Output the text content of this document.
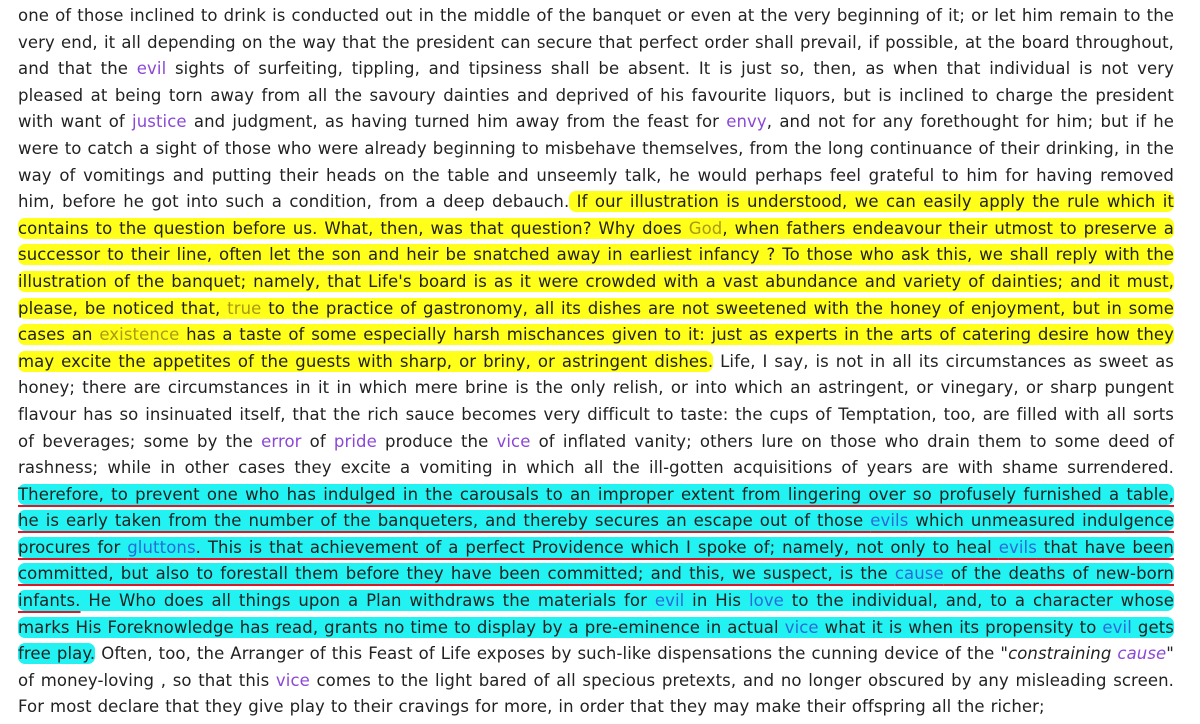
one of those inclined to drink is conducted out in the middle of the banquet or even at the very beginning of it; or let him remain to the very end, it all depending on the way that the president can secure that perfect order shall prevail, if possible, at the board throughout, and that the evil sights of surfeiting, tippling, and tipsiness shall be absent. It is just so, then, as when that individual is not very pleased at being torn away from all the savoury dainties and deprived of his favourite liquors, but is inclined to charge the president with want of justice and judgment, as having turned him away from the feast for envy, and not for any forethought for him; but if he were to catch a sight of those who were already beginning to misbehave themselves, from the long continuance of their drinking, in the way of vomitings and putting their heads on the table and unseemly talk, he would perhaps feel grateful to him for having removed him, before he got into such a condition, from a deep debauch. If our illustration is understood, we can easily apply the rule which it contains to the question before us. What, then, was that question? Why does God, when fathers endeavour their utmost to preserve a successor to their line, often let the son and heir be snatched away in earliest infancy ? To those who ask this, we shall reply with the illustration of the banquet; namely, that Life's board is as it were crowded with a vast abundance and variety of dainties; and it must, please, be noticed that, true to the practice of gastronomy, all its dishes are not sweetened with the honey of enjoyment, but in some cases an existence has a taste of some especially harsh mischances given to it: just as experts in the arts of catering desire how they may excite the appetites of the guests with sharp, or briny, or astringent dishes. Life, I say, is not in all its circumstances as sweet as honey; there are circumstances in it in which mere brine is the only relish, or into which an astringent, or vinegary, or sharp pungent flavour has so insinuated itself, that the rich sauce becomes very difficult to taste: the cups of Temptation, too, are filled with all sorts of beverages; some by the error of pride produce the vice of inflated vanity; others lure on those who drain them to some deed of rashness; while in other cases they excite a vomiting in which all the ill-gotten acquisitions of years are with shame surrendered. Therefore, to prevent one who has indulged in the carousals to an improper extent from lingering over so profusely furnished a table, he is early taken from the number of the banqueters, and thereby secures an escape out of those evils which unmeasured indulgence procures for gluttons. This is that achievement of a perfect Providence which I spoke of; namely, not only to heal evils that have been committed, but also to forestall them before they have been committed; and this, we suspect, is the cause of the deaths of new-born infants. He Who does all things upon a Plan withdraws the materials for evil in His love to the individual, and, to a character whose marks His Foreknowledge has read, grants no time to display by a pre-eminence in actual vice what it is when its propensity to evil gets free play. Often, too, the Arranger of this Feast of Life exposes by such-like dispensations the cunning device of the "constraining cause" of money-loving , so that this vice comes to the light bared of all specious pretexts, and no longer obscured by any misleading screen. For most declare that they give play to their cravings for more, in order that they may make their offspring all the richer;
